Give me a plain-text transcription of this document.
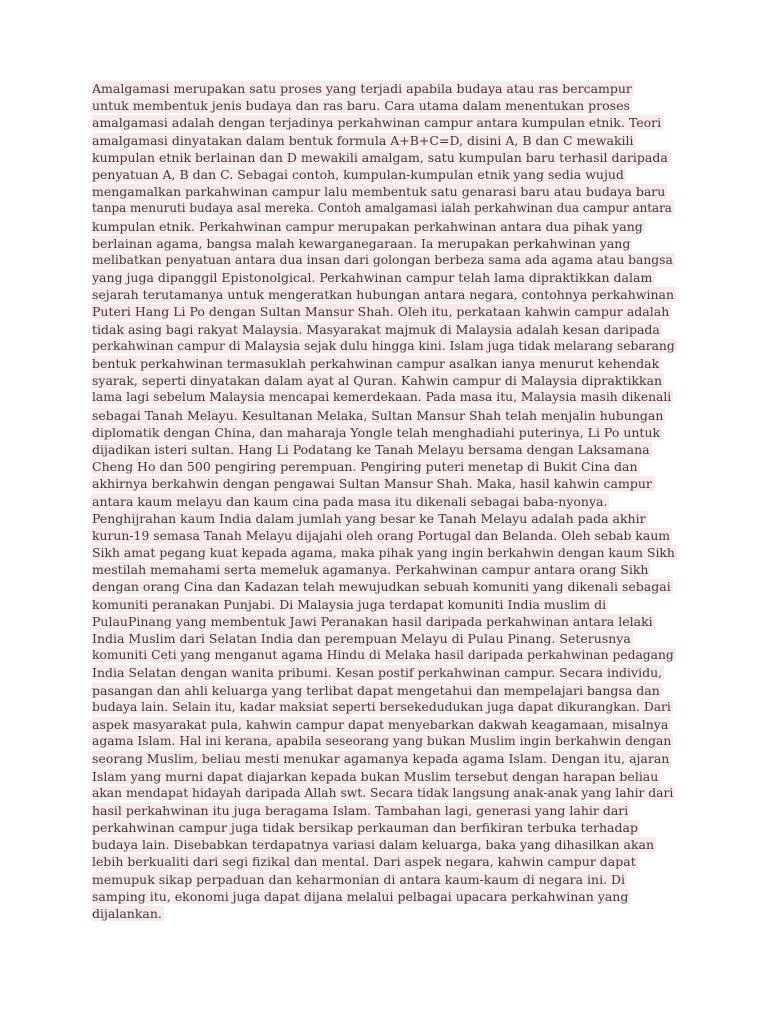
Amalgamasi merupakan satu proses yang terjadi apabila budaya atau ras bercampur
untuk membentuk jenis budaya dan ras baru. Cara utama dalam menentukan proses
amalgamasi adalah dengan terjadinya perkahwinan campur antara kumpulan etnik. Teori
amalgamasi dinyatakan dalam bentuk formula A+B+C=D, disini A, B dan C mewakili
kumpulan etnik berlainan dan D mewakili amalgam, satu kumpulan baru terhasil daripada
penyatuan A, B dan C. Sebagai contoh, kumpulan-kumpulan etnik yang sedia wujud
mengamalkan parkahwinan campur lalu membentuk satu genarasi baru atau budaya baru
tanpa menuruti budaya asal mereka. Contoh amalgamasi ialah perkahwinan dua campur antara
kumpulan etnik. Perkahwinan campur merupakan perkahwinan antara dua pihak yang
berlainan agama, bangsa malah kewarganegaraan. Ia merupakan perkahwinan yang
melibatkan penyatuan antara dua insan dari golongan berbeza sama ada agama atau bangsa
yang juga dipanggil Epistonolgical. Perkahwinan campur telah lama dipraktikkan dalam
sejarah terutamanya untuk mengeratkan hubungan antara negara, contohnya perkahwinan
Puteri Hang Li Po dengan Sultan Mansur Shah. Oleh itu, perkataan kahwin campur adalah
tidak asing bagi rakyat Malaysia. Masyarakat majmuk di Malaysia adalah kesan daripada
perkahwinan campur di Malaysia sejak dulu hingga kini. Islam juga tidak melarang sebarang
bentuk perkahwinan termasuklah perkahwinan campur asalkan ianya menurut kehendak
syarak, seperti dinyatakan dalam ayat al Quran. Kahwin campur di Malaysia dipraktikkan
lama lagi sebelum Malaysia mencapai kemerdekaan. Pada masa itu, Malaysia masih dikenali
sebagai Tanah Melayu. Kesultanan Melaka, Sultan Mansur Shah telah menjalin hubungan
diplomatik dengan China, dan maharaja Yongle telah menghadiahi puterinya, Li Po untuk
dijadikan isteri sultan. Hang Li Podatang ke Tanah Melayu bersama dengan Laksamana
Cheng Ho dan 500 pengiring perempuan. Pengiring puteri menetap di Bukit Cina dan
akhirnya berkahwin dengan pengawai Sultan Mansur Shah. Maka, hasil kahwin campur
antara kaum melayu dan kaum cina pada masa itu dikenali sebagai baba-nyonya.
Penghijrahan kaum India dalam jumlah yang besar ke Tanah Melayu adalah pada akhir
kurun-19 semasa Tanah Melayu dijajahi oleh orang Portugal dan Belanda. Oleh sebab kaum
Sikh amat pegang kuat kepada agama, maka pihak yang ingin berkahwin dengan kaum Sikh
mestilah memahami serta memeluk agamanya. Perkahwinan campur antara orang Sikh
dengan orang Cina dan Kadazan telah mewujudkan sebuah komuniti yang dikenali sebagai
komuniti peranakan Punjabi. Di Malaysia juga terdapat komuniti India muslim di
PulauPinang yang membentuk Jawi Peranakan hasil daripada perkahwinan antara lelaki
India Muslim dari Selatan India dan perempuan Melayu di Pulau Pinang. Seterusnya
komuniti Ceti yang menganut agama Hindu di Melaka hasil daripada perkahwinan pedagang
India Selatan dengan wanita pribumi. Kesan postif perkahwinan campur. Secara individu,
pasangan dan ahli keluarga yang terlibat dapat mengetahui dan mempelajari bangsa dan
budaya lain. Selain itu, kadar maksiat seperti bersekedudukan juga dapat dikurangkan. Dari
aspek masyarakat pula, kahwin campur dapat menyebarkan dakwah keagamaan, misalnya
agama Islam. Hal ini kerana, apabila seseorang yang bukan Muslim ingin berkahwin dengan
seorang Muslim, beliau mesti menukar agamanya kepada agama Islam. Dengan itu, ajaran
Islam yang murni dapat diajarkan kepada bukan Muslim tersebut dengan harapan beliau
akan mendapat hidayah daripada Allah swt. Secara tidak langsung anak-anak yang lahir dari
hasil perkahwinan itu juga beragama Islam. Tambahan lagi, generasi yang lahir dari
perkahwinan campur juga tidak bersikap perkauman dan berfikiran terbuka terhadap
budaya lain. Disebabkan terdapatnya variasi dalam keluarga, baka yang dihasilkan akan
lebih berkualiti dari segi fizikal dan mental. Dari aspek negara, kahwin campur dapat
memupuk sikap perpaduan dan keharmonian di antara kaum-kaum di negara ini. Di
samping itu, ekonomi juga dapat dijana melalui pelbagai upacara perkahwinan yang
dijalankan.
